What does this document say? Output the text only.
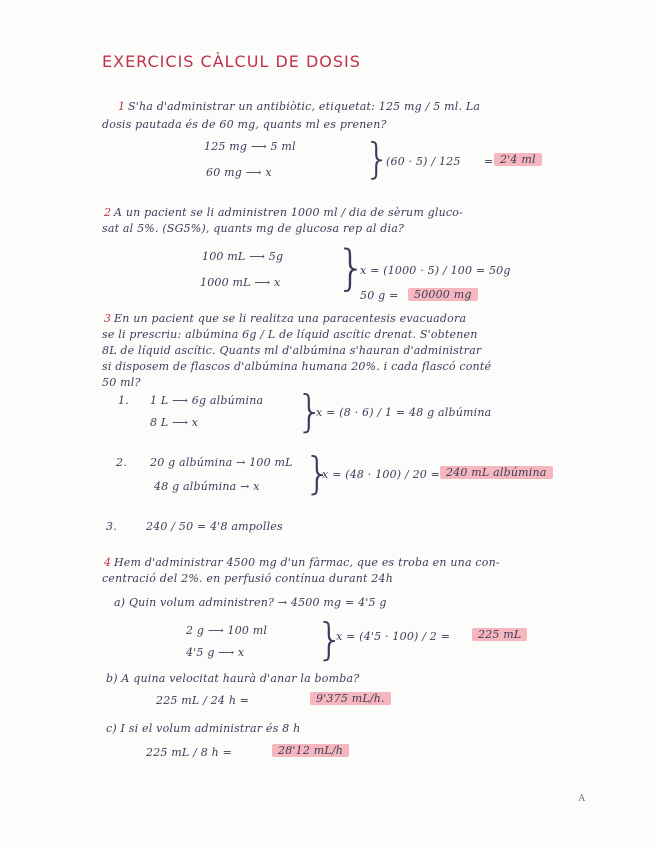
EXERCICIS CÀLCUL DE DOSIS
1 S'ha d'administrar un antibiòtic, etiquetat: 125 mg / 5 ml. La
dosis pautada és de 60 mg, quants ml es prenen?
125 mg ⟶ 5 ml
60 mg ⟶ x }
(60 · 5) / 125 = 2'4 ml
2 A un pacient se li administren 1000 ml / dia de sèrum gluco-
sat al 5%. (SG5%), quants mg de glucosa rep al dia?
100 mL ⟶ 5g
1000 mL ⟶ x }
x = (1000 · 5) / 100 = 50g
50 g =	50000 mg
3 En un pacient que se li realitza una paracentesis evacuadora
se li prescriu: albúmina 6g / L de líquid ascític drenat. S'obtenen
8L de líquid ascític. Quants ml d'albúmina s'hauran d'administrar
si disposem de flascos d'albúmina humana 20%. i cada flascó conté
50 ml?
1. 1 L ⟶ 6g albúmina
8 L ⟶ x }
x = (8 · 6) / 1 = 48 g albúmina
2. 20 g albúmina → 100 mL
48 g albúmina → x }
x = (48 · 100) / 20 = 240 mL albúmina
3.	240 / 50 = 4'8 ampolles
4 Hem d'administrar 4500 mg d'un fàrmac, que es troba en una con-
centració del 2%. en perfusió contínua durant 24h
a) Quin volum administren? → 4500 mg = 4'5 g
2 g ⟶ 100 ml
4'5 g ⟶ x }
x = (4'5 · 100) / 2 =	225 mL
b) A quina velocitat haurà d'anar la bomba?
225 mL / 24 h =	9'375 mL/h.
c) I si el volum administrar és 8 h
225 mL / 8 h =	28'12 mL/h
A
